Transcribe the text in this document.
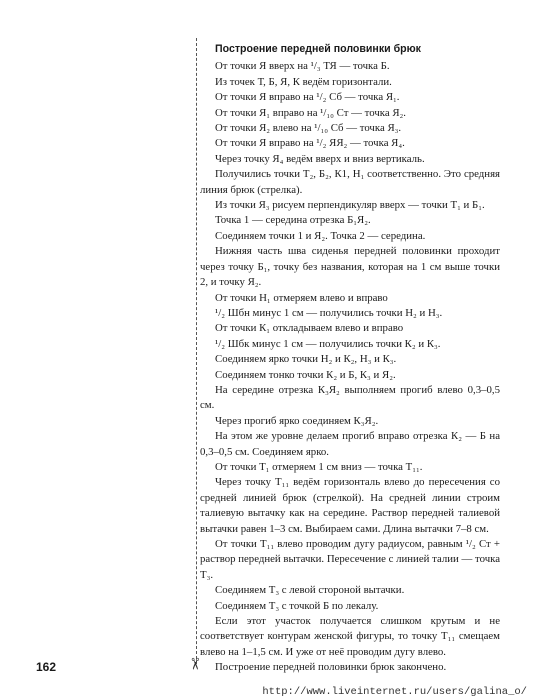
✂

Построение передней половинки брюк

От точки Я вверх на ¹/₃ ТЯ — точка Б.

Из точек Т, Б, Я, К ведём горизонтали.

От точки Я вправо на ¹/₂ Сб — точка Я₁.

От точки Я₁ вправо на ¹/₁₀ Ст — точка Я₂.

От точки Я₂ влево на ¹/₁₀ Сб — точка Я₃.

От точки Я вправо на ¹/₂ ЯЯ₂ — точка Я₄.

Через точку Я₄ ведём вверх и вниз вертикаль.

Получились точки Т₂, Б₂, К1, Н₁ соответственно. Это средняя линия брюк (стрелка).

Из точки Я₃ рисуем перпендикуляр вверх — точки Т₁ и Б₁.

Точка 1 — середина отрезка Б₁Я₂.

Соединяем точки 1 и Я₂. Точка 2 — середина.

Нижняя часть шва сиденья передней половинки проходит через точку Б₁, точку без названия, которая на 1 см выше точки 2, и точку Я₂.

От точки Н₁ отмеряем влево и вправо

¹/₂ Шбн минус 1 см — получились точки Н₂ и Н₃.

От точки К₁ откладываем влево и вправо

¹/₂ Шбк минус 1 см — получились точки К₂ и К₃.

Соединяем ярко точки Н₂ и К₂, Н₃ и К₃.

Соединяем тонко точки К₂ и Б, К₃ и Я₂.

На середине отрезка К₃Я₂ выполняем прогиб влево 0,3–0,5 см.

Через прогиб ярко соединяем К₃Я₂.

На этом же уровне делаем прогиб вправо отрезка К₂ — Б на 0,3–0,5 см. Соединяем ярко.

От точки Т₁ отмеряем 1 см вниз — точка Т₁₁.

Через точку Т₁₁ ведём горизонталь влево до пересечения со средней линией брюк (стрелкой). На средней линии строим талиевую вытачку как на середине. Раствор передней талиевой вытачки равен 1–3 см. Выбираем сами. Длина вытачки 7–8 см.

От точки Т₁₁ влево проводим дугу радиусом, равным ¹/₂ Ст + раствор передней вытачки. Пересечение с линией талии — точка Т₃.

Соединяем Т₃ с левой стороной вытачки.

Соединяем Т₃ с точкой Б по лекалу.

Если этот участок получается слишком крутым и не соответствует контурам женской фигуры, то точку Т₁₁ смещаем влево на 1–1,5 см. И уже от неё проводим дугу влево.

Построение передней половинки брюк закончено.

162
http://www.liveinternet.ru/users/galina_o/
